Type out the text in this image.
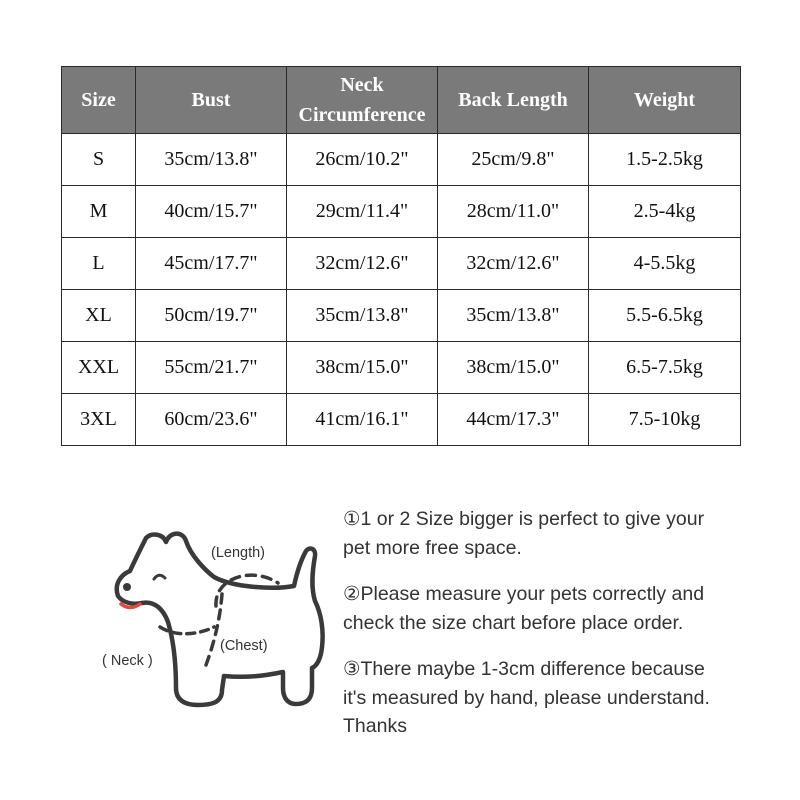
Size	Bust	Neck Circumference	Back Length	Weight
S	35cm/13.8"	26cm/10.2"	25cm/9.8"	1.5-2.5kg
M	40cm/15.7"	29cm/11.4"	28cm/11.0"	2.5-4kg
L	45cm/17.7"	32cm/12.6"	32cm/12.6"	4-5.5kg
XL	50cm/19.7"	35cm/13.8"	35cm/13.8"	5.5-6.5kg
XXL	55cm/21.7"	38cm/15.0"	38cm/15.0"	6.5-7.5kg
3XL	60cm/23.6"	41cm/16.1"	44cm/17.3"	7.5-10kg
(Length)
(Chest)
( Neck )

①1 or 2 Size bigger is perfect to give your pet more free space.

②Please measure your pets correctly and check the size chart before place order.

③There maybe 1-3cm difference because it's measured by hand, please understand. Thanks
